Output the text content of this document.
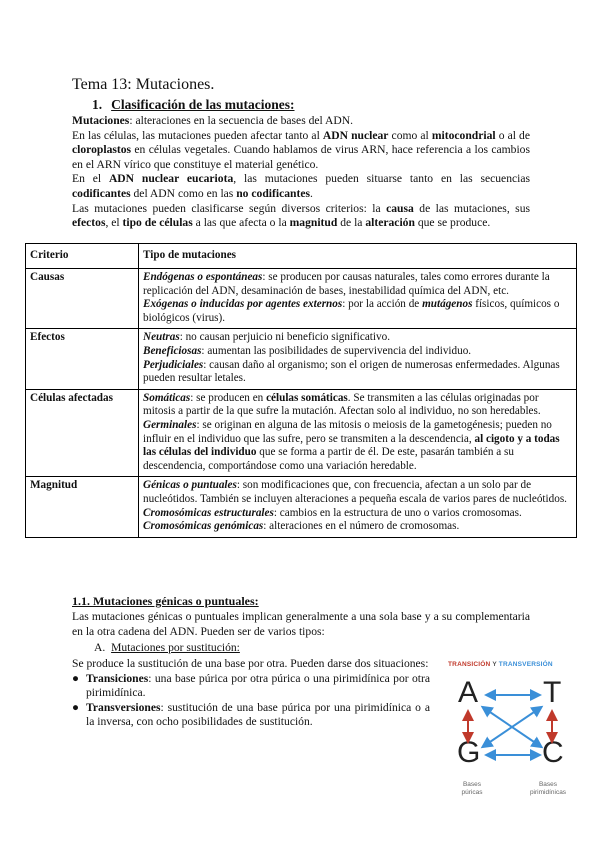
Tema 13: Mutaciones.
1. Clasificación de las mutaciones:

Mutaciones: alteraciones en la secuencia de bases del ADN.

En las células, las mutaciones pueden afectar tanto al ADN nuclear como al mitocondrial o al de cloroplastos en células vegetales. Cuando hablamos de virus ARN, hace referencia a los cambios en el ARN vírico que constituye el material genético.

En el ADN nuclear eucariota, las mutaciones pueden situarse tanto en las secuencias codificantes del ADN como en las no codificantes.

Las mutaciones pueden clasificarse según diversos criterios: la causa de las mutaciones, sus efectos, el tipo de células a las que afecta o la magnitud de la alteración que se produce.

Criterio	Tipo de mutaciones
Causas	Endógenas o espontáneas: se producen por causas naturales, tales como errores durante la replicación del ADN, desaminación de bases, inestabilidad química del ADN, etc.

Exógenas o inducidas por agentes externos: por la acción de mutágenos físicos, químicos o biológicos (virus).

Efectos	Neutras: no causan perjuicio ni beneficio significativo.

Beneficiosas: aumentan las posibilidades de supervivencia del individuo.

Perjudiciales: causan daño al organismo; son el origen de numerosas enfermedades. Algunas pueden resultar letales.

Células afectadas	Somáticas: se producen en células somáticas. Se transmiten a las células originadas por mitosis a partir de la que sufre la mutación. Afectan solo al individuo, no son heredables.

Germinales: se originan en alguna de las mitosis o meiosis de la gametogénesis; pueden no influir en el individuo que las sufre, pero se transmiten a la descendencia, al cigoto y a todas las células del individuo que se forma a partir de él. De este, pasarán también a su descendencia, comportándose como una variación heredable.

Magnitud	Génicas o puntuales: son modificaciones que, con frecuencia, afectan a un solo par de nucleótidos. También se incluyen alteraciones a pequeña escala de varios pares de nucleótidos.

Cromosómicas estructurales: cambios en la estructura de uno o varios cromosomas.

Cromosómicas genómicas: alteraciones en el número de cromosomas.

1.1. Mutaciones génicas o puntuales:

Las mutaciones génicas o puntuales implican generalmente a una sola base y a su complementaria en la otra cadena del ADN. Pueden ser de varios tipos:

A. Mutaciones por sustitución:

Se produce la sustitución de una base por otra. Pueden darse dos situaciones:

● Transiciones: una base púrica por otra púrica o una pirimidínica por otra pirimidínica.
● Transversiones: sustitución de una base púrica por una pirimidínica o a la inversa, con ocho posibilidades de sustitución.
TRANSICIÓN Y TRANSVERSIÓN
A T
G C
Bases púricas
Bases pirimidínicas
